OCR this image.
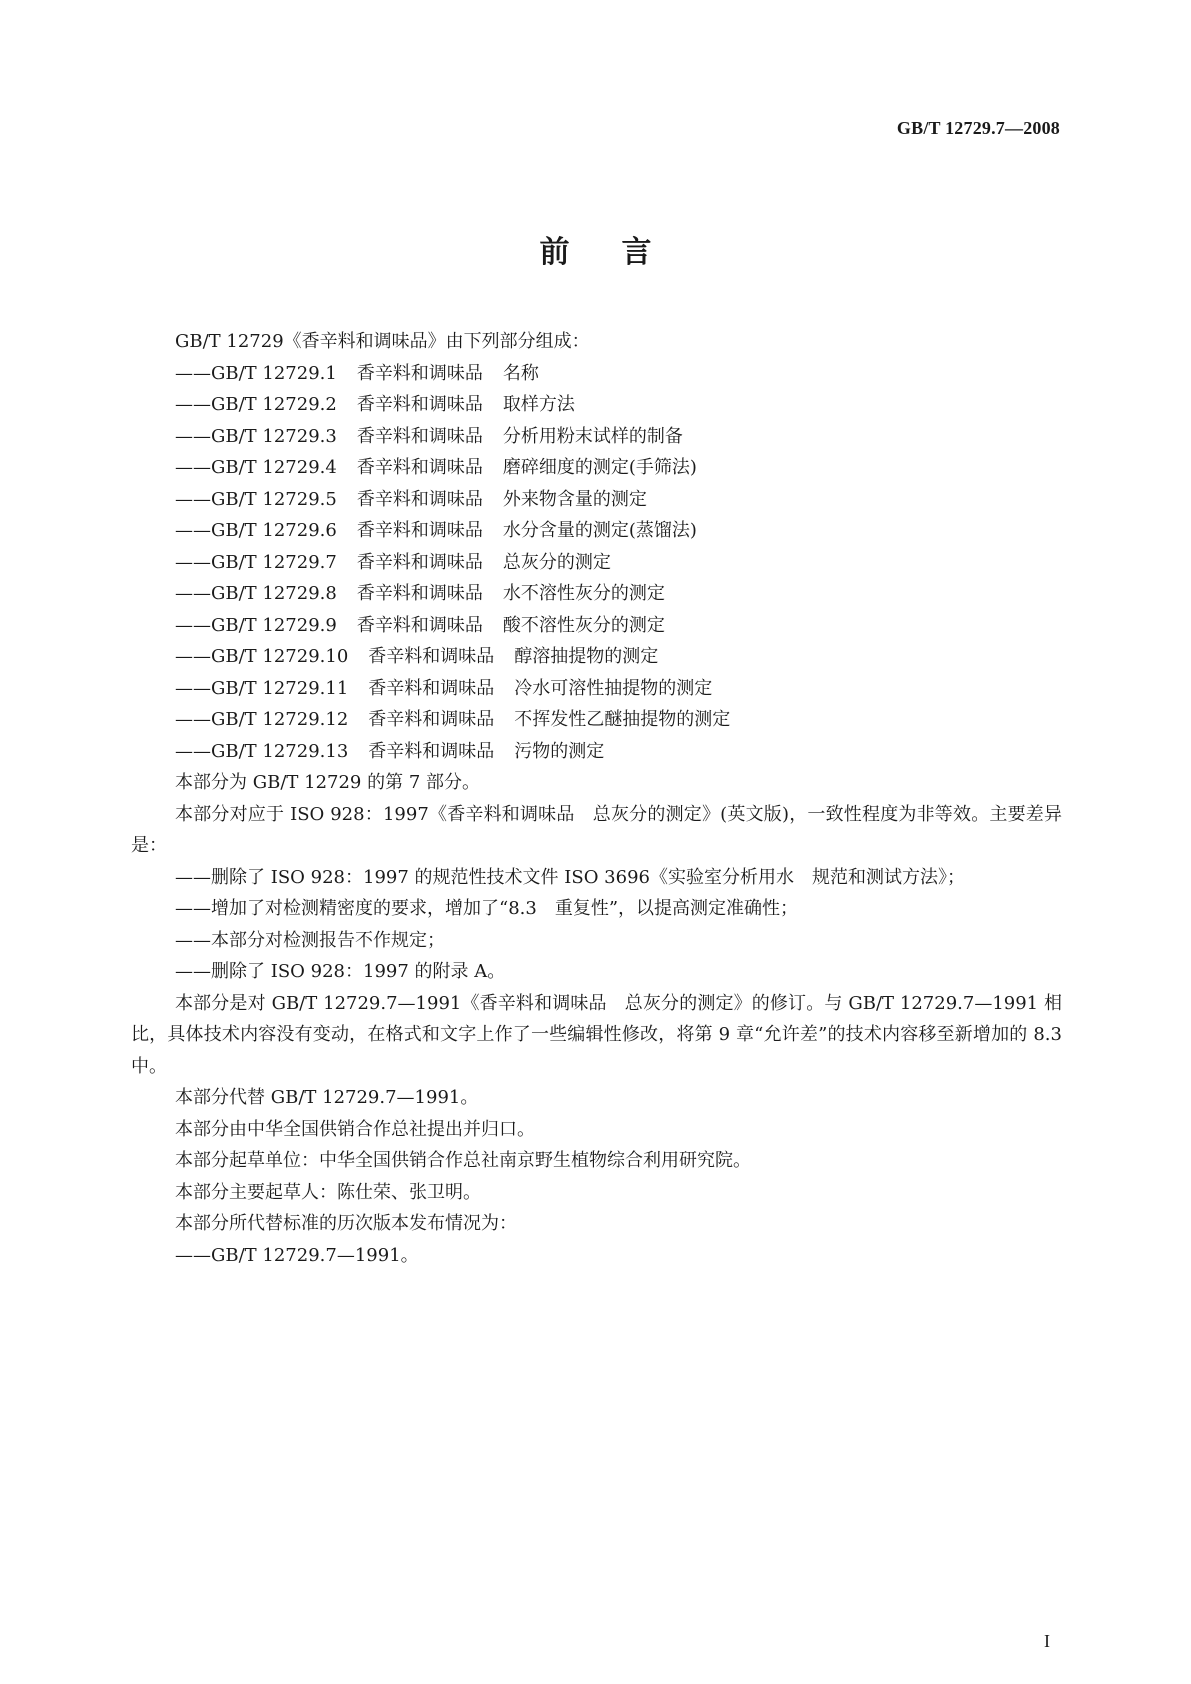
GB/T 12729.7—2008
前言

GB/T 12729《香辛料和调味品》由下列部分组成：

——GB/T 12729.1 香辛料和调味品 名称
——GB/T 12729.2 香辛料和调味品 取样方法
——GB/T 12729.3 香辛料和调味品 分析用粉末试样的制备
——GB/T 12729.4 香辛料和调味品 磨碎细度的测定(手筛法)
——GB/T 12729.5 香辛料和调味品 外来物含量的测定
——GB/T 12729.6 香辛料和调味品 水分含量的测定(蒸馏法)
——GB/T 12729.7 香辛料和调味品 总灰分的测定
——GB/T 12729.8 香辛料和调味品 水不溶性灰分的测定
——GB/T 12729.9 香辛料和调味品 酸不溶性灰分的测定
——GB/T 12729.10 香辛料和调味品 醇溶抽提物的测定
——GB/T 12729.11 香辛料和调味品 冷水可溶性抽提物的测定
——GB/T 12729.12 香辛料和调味品 不挥发性乙醚抽提物的测定
——GB/T 12729.13 香辛料和调味品 污物的测定

本部分为 GB/T 12729 的第 7 部分。

本部分对应于 ISO 928：1997《香辛料和调味品　总灰分的测定》(英文版)，一致性程度为非等效。主要差异是：

——删除了 ISO 928：1997 的规范性技术文件 ISO 3696《实验室分析用水　规范和测试方法》；
——增加了对检测精密度的要求，增加了“8.3　重复性”，以提高测定准确性；
——本部分对检测报告不作规定；
——删除了 ISO 928：1997 的附录 A。

本部分是对 GB/T 12729.7—1991《香辛料和调味品　总灰分的测定》的修订。与 GB/T 12729.7—1991 相比，具体技术内容没有变动，在格式和文字上作了一些编辑性修改，将第 9 章“允许差”的技术内容移至新增加的 8.3 中。

本部分代替 GB/T 12729.7—1991。

本部分由中华全国供销合作总社提出并归口。

本部分起草单位：中华全国供销合作总社南京野生植物综合利用研究院。

本部分主要起草人：陈仕荣、张卫明。

本部分所代替标准的历次版本发布情况为：

——GB/T 12729.7—1991。
I
